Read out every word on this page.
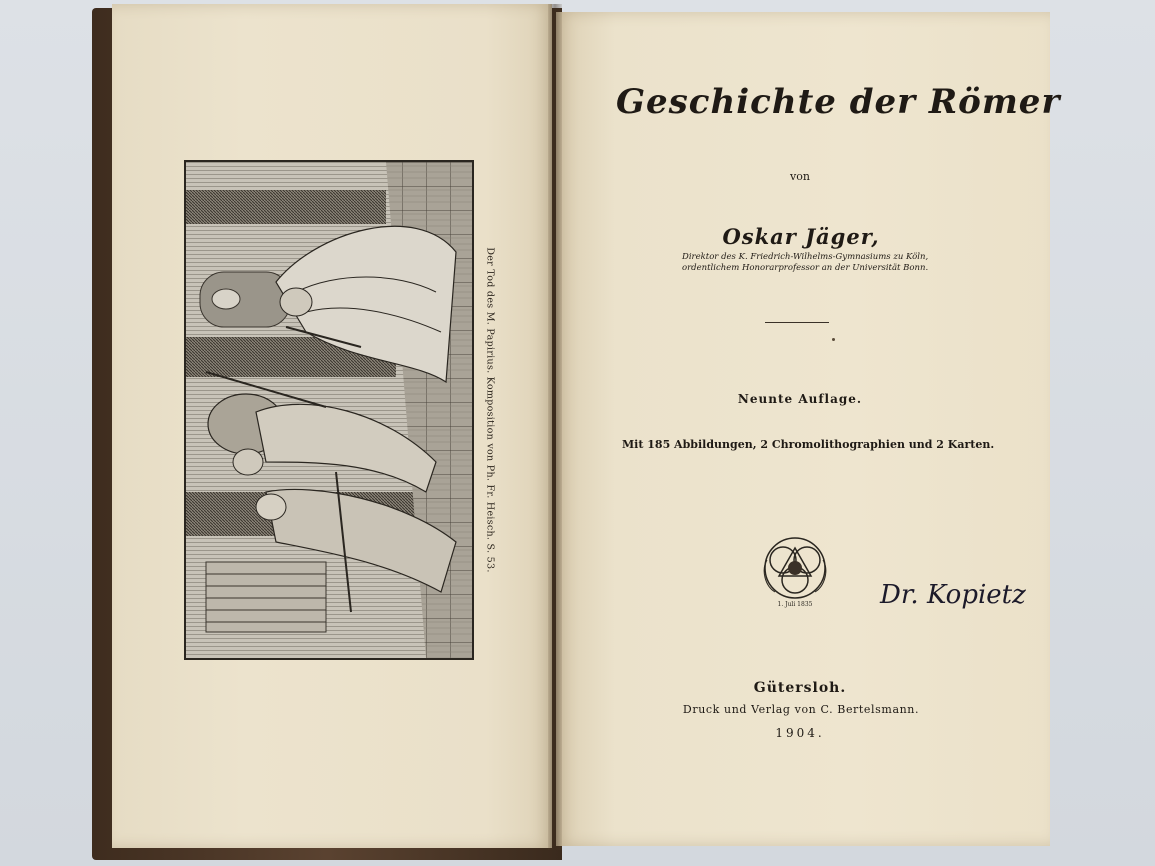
Der Tod des M. Papirius. Komposition von Ph. Fr. Heisch. S. 53.
Geschichte der Römer
von
Oskar Jäger,
Direktor des K. Friedrich-Wilhelms-Gymnasiums zu Köln,
ordentlichem Honorarprofessor an der Universität Bonn.
Neunte Auflage.
Mit 185 Abbildungen, 2 Chromolithographien und 2 Karten.
1. Juli 1835	Dr. Kopietz
Gütersloh.
Druck und Verlag von C. Bertelsmann.
1904.
